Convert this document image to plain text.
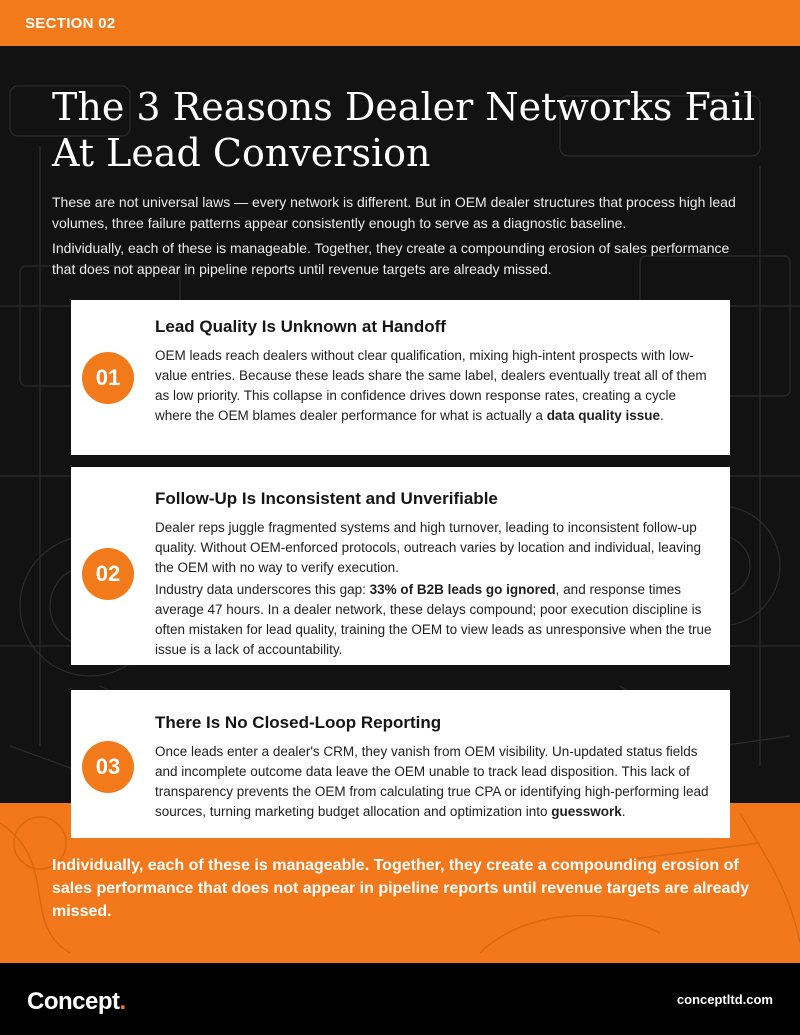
SECTION 02
The 3 Reasons Dealer Networks Fail At Lead Conversion

These are not universal laws — every network is different. But in OEM dealer structures that process high lead volumes, three failure patterns appear consistently enough to serve as a diagnostic baseline.

Individually, each of these is manageable. Together, they create a compounding erosion of sales performance that does not appear in pipeline reports until revenue targets are already missed.

01
Lead Quality Is Unknown at Handoff

OEM leads reach dealers without clear qualification, mixing high-intent prospects with low-value entries. Because these leads share the same label, dealers eventually treat all of them as low priority. This collapse in confidence drives down response rates, creating a cycle where the OEM blames dealer performance for what is actually a data quality issue.

02
Follow-Up Is Inconsistent and Unverifiable

Dealer reps juggle fragmented systems and high turnover, leading to inconsistent follow-up quality. Without OEM-enforced protocols, outreach varies by location and individual, leaving the OEM with no way to verify execution.

Industry data underscores this gap: 33% of B2B leads go ignored, and response times average 47 hours. In a dealer network, these delays compound; poor execution discipline is often mistaken for lead quality, training the OEM to view leads as unresponsive when the true issue is a lack of accountability.

03
There Is No Closed-Loop Reporting

Once leads enter a dealer's CRM, they vanish from OEM visibility. Un-updated status fields and incomplete outcome data leave the OEM unable to track lead disposition. This lack of transparency prevents the OEM from calculating true CPA or identifying high-performing lead sources, turning marketing budget allocation and optimization into guesswork.

Individually, each of these is manageable. Together, they create a compounding erosion of sales performance that does not appear in pipeline reports until revenue targets are already missed.

Concept.	conceptltd.com
